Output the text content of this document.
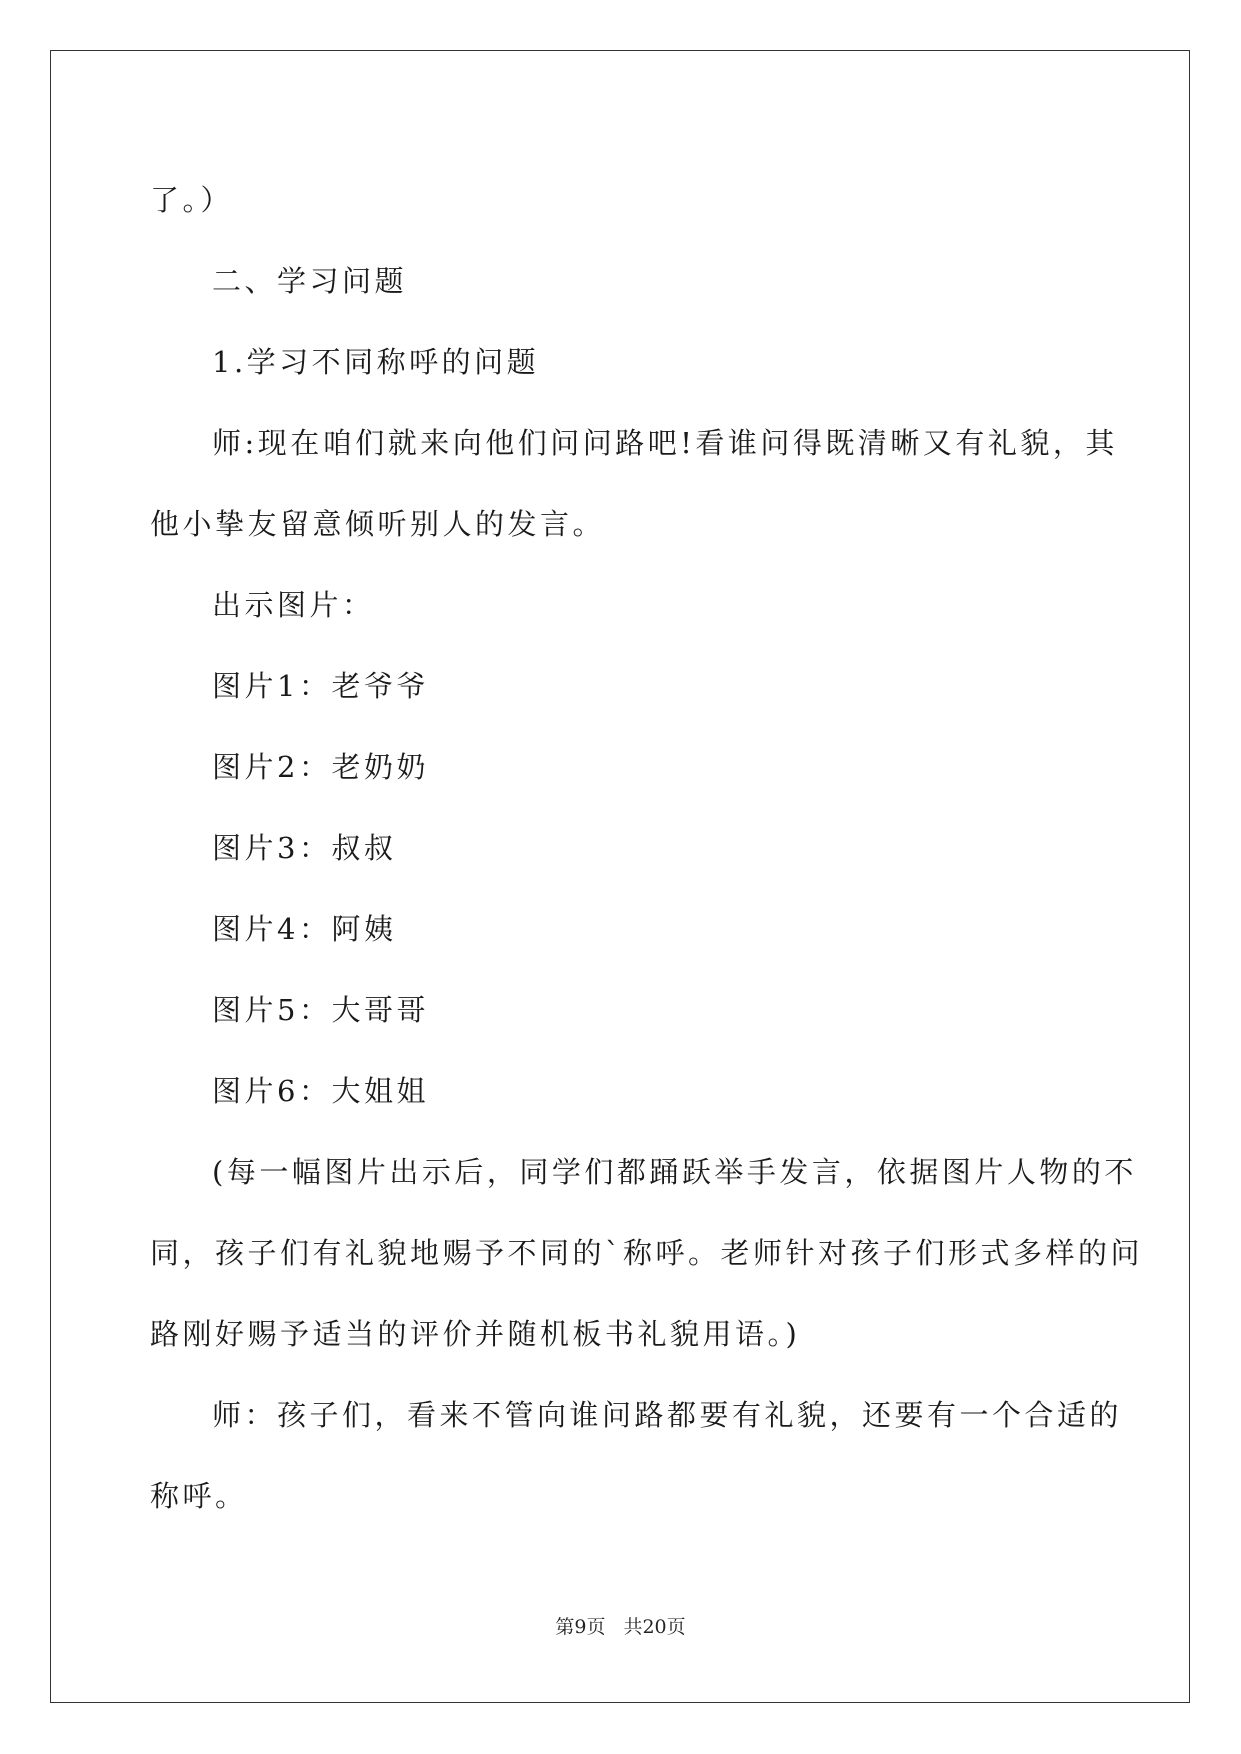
了。）
二、学习问题
1.学习不同称呼的问题
师:现在咱们就来向他们问问路吧!看谁问得既清晰又有礼貌，其
他小挚友留意倾听别人的发言。
出示图片：
图片1：老爷爷
图片2：老奶奶
图片3：叔叔
图片4：阿姨
图片5：大哥哥
图片6：大姐姐
(每一幅图片出示后，同学们都踊跃举手发言，依据图片人物的不
同，孩子们有礼貌地赐予不同的`称呼。老师针对孩子们形式多样的问
路刚好赐予适当的评价并随机板书礼貌用语。)
师：孩子们，看来不管向谁问路都要有礼貌，还要有一个合适的
称呼。
第9页 共20页
